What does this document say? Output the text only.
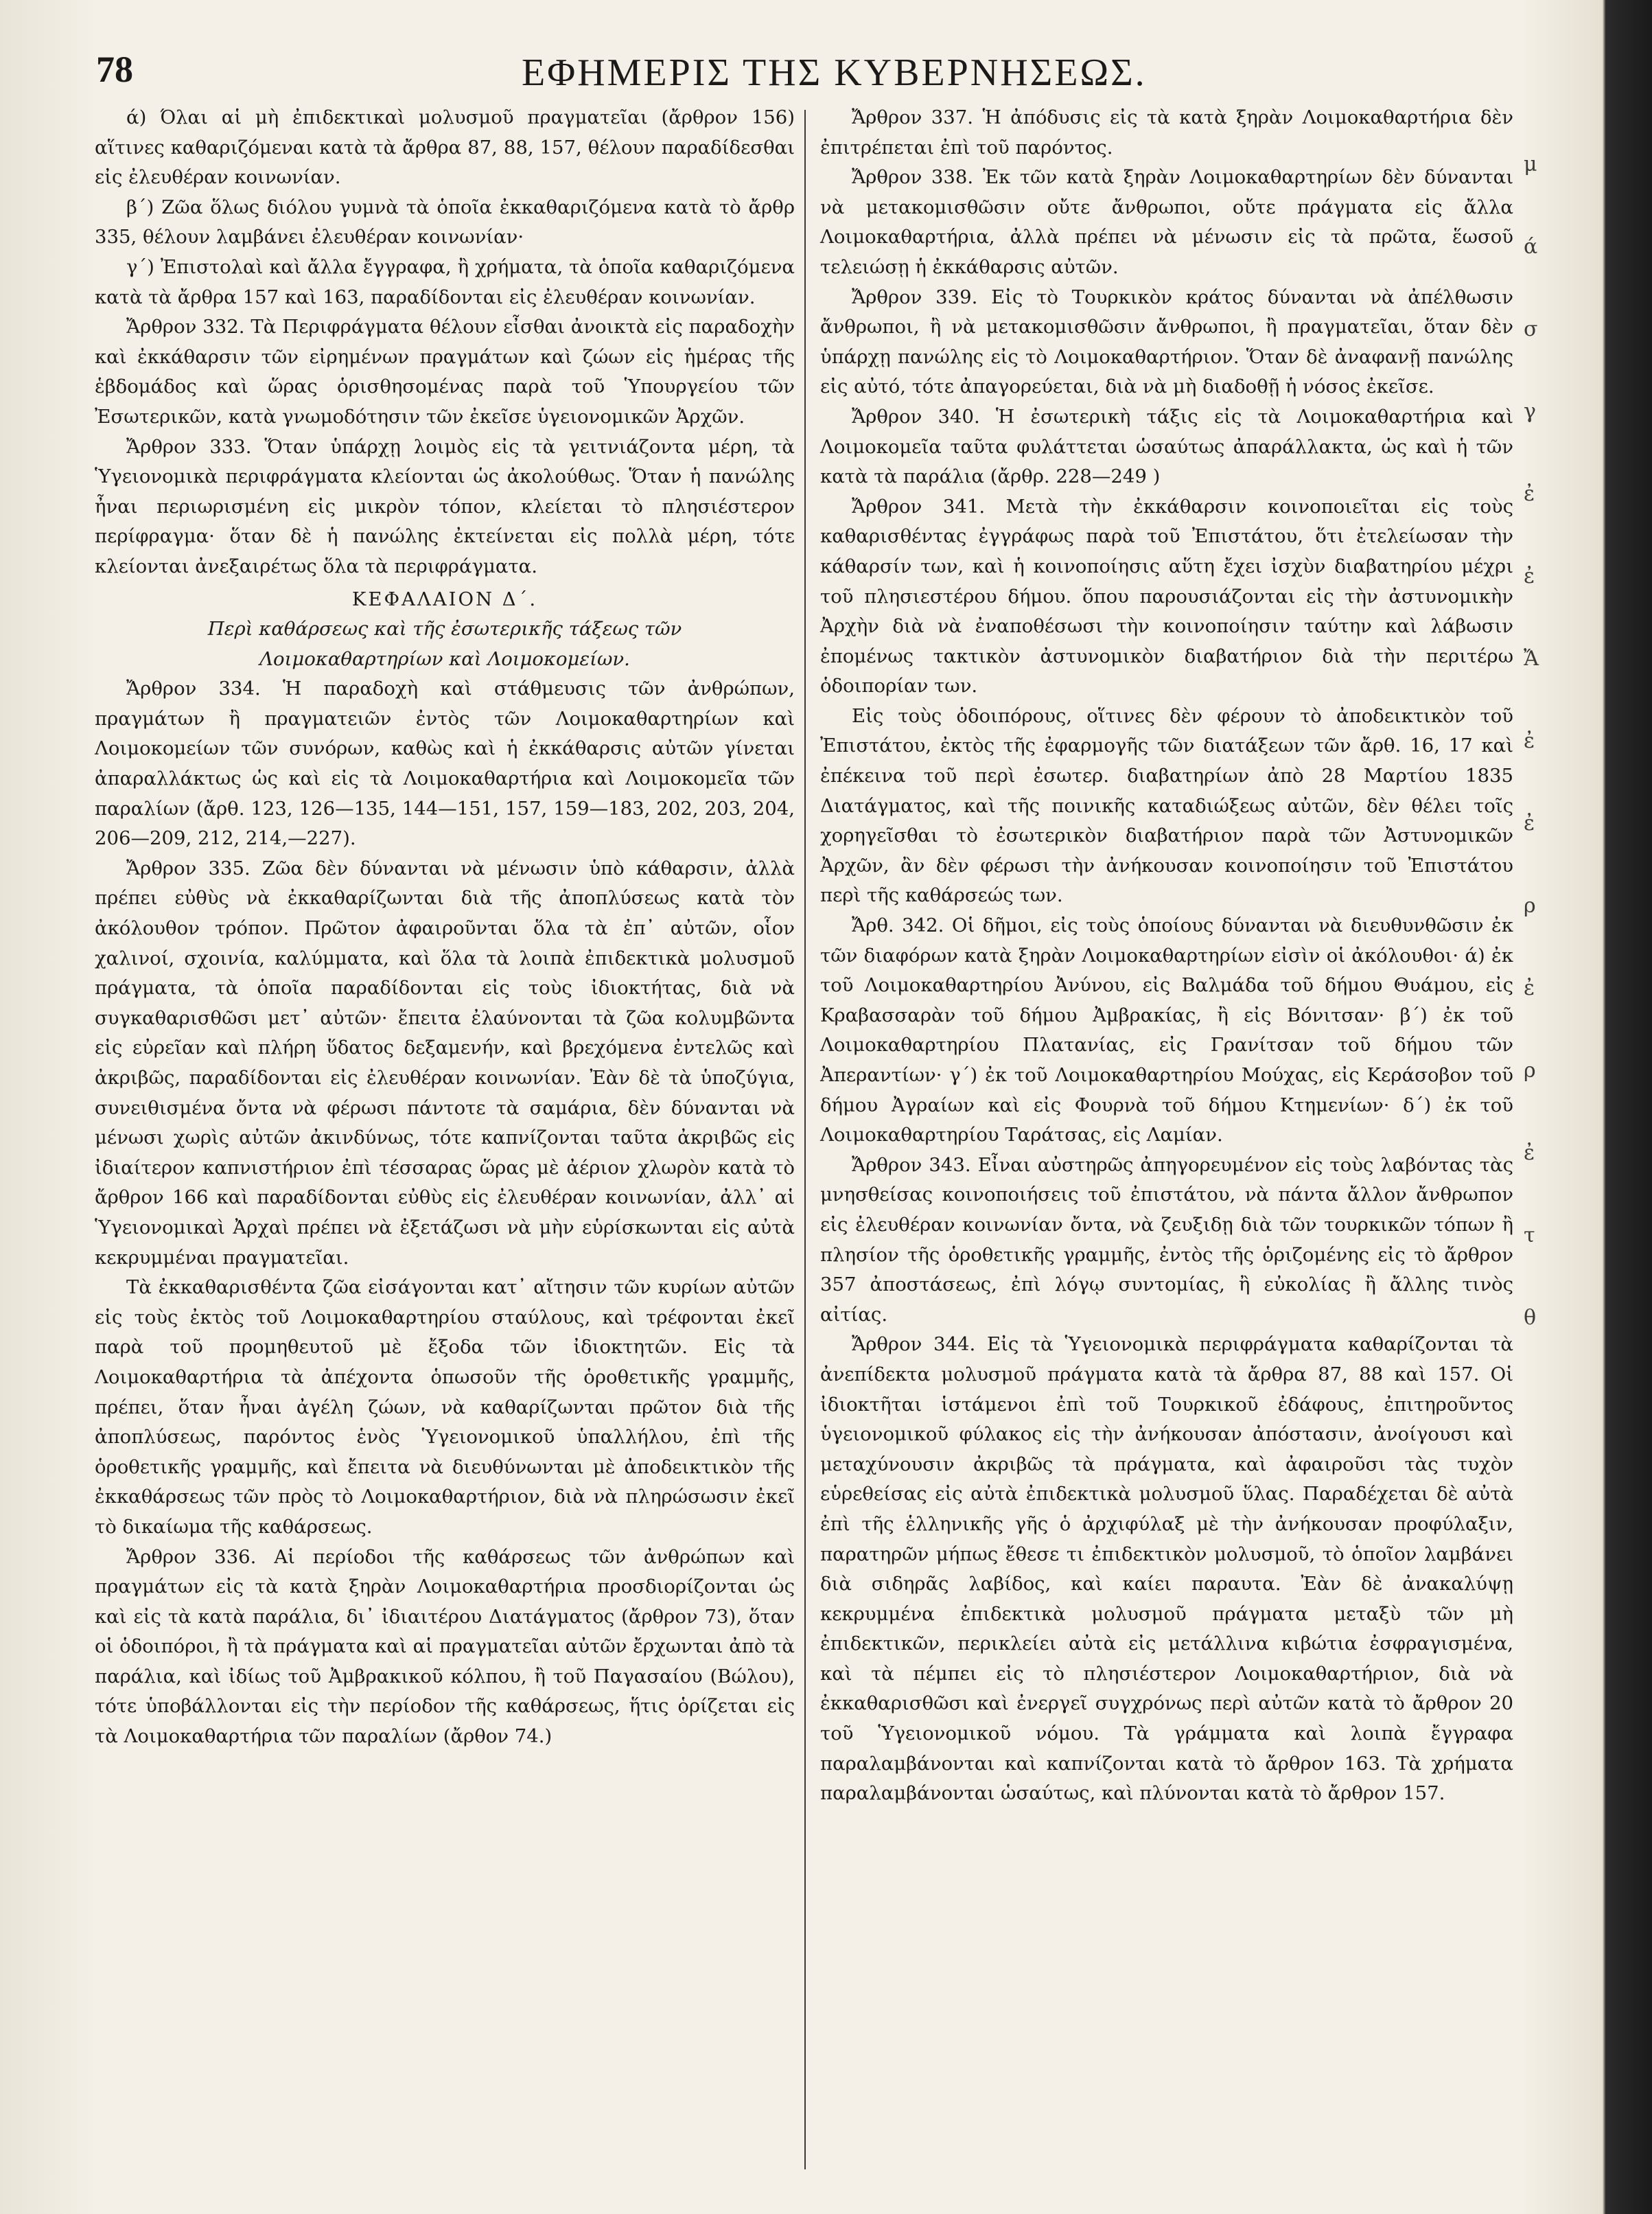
78	ΕΦΗΜΕΡΙΣ ΤΗΣ ΚΥΒΕΡΝΗΣΕΩΣ.

ά) Όλαι αἱ μὴ ἐπιδεκτικαὶ μολυσμοῦ πραγματεῖαι (ἄρθρον 156) αἵτινες καθαριζόμεναι κατὰ τὰ ἄρθρα 87, 88, 157, θέλουν παραδίδεσθαι εἰς ἐλευθέραν κοινωνίαν.

β΄) Ζῶα ὅλως διόλου γυμνὰ τὰ ὁποῖα ἐκκαθαριζόμενα κατὰ τὸ ἄρθρ 335, θέλουν λαμβάνει ἐλευθέραν κοινωνίαν·

γ΄) Ἐπιστολαὶ καὶ ἄλλα ἔγγραφα, ἢ χρήματα, τὰ ὁποῖα καθαριζόμενα κατὰ τὰ ἄρθρα 157 καὶ 163, παραδίδονται εἰς ἐλευθέραν κοινωνίαν.

Ἄρθρον 332. Τὰ Περιφράγματα θέλουν εἶσθαι ἀνοικτὰ εἰς παραδοχὴν καὶ ἐκκάθαρσιν τῶν εἰρημένων πραγμάτων καὶ ζώων εἰς ἡμέρας τῆς ἑβδομάδος καὶ ὥρας ὁρισθησομένας παρὰ τοῦ Ὑπουργείου τῶν Ἐσωτερικῶν, κατὰ γνωμοδότησιν τῶν ἐκεῖσε ὑγειονομικῶν Ἀρχῶν.

Ἄρθρον 333. Ὅταν ὑπάρχῃ λοιμὸς εἰς τὰ γειτνιάζοντα μέρη, τὰ Ὑγειονομικὰ περιφράγματα κλείονται ὡς ἀκολούθως. Ὅταν ἡ πανώλης ἦναι περιωρισμένη εἰς μικρὸν τόπον, κλείεται τὸ πλησιέστερον περίφραγμα· ὅταν δὲ ἡ πανώλης ἐκτείνεται εἰς πολλὰ μέρη, τότε κλείονται ἀνεξαιρέτως ὅλα τὰ περιφράγματα.

ΚΕΦΑΛΑΙΟΝ Δ΄.

Περὶ καθάρσεως καὶ τῆς ἐσωτερικῆς τάξεως τῶν Λοιμοκαθαρτηρίων καὶ Λοιμοκομείων.

Ἄρθρον 334. Ἡ παραδοχὴ καὶ στάθμευσις τῶν ἀνθρώπων, πραγμάτων ἢ πραγματειῶν ἐντὸς τῶν Λοιμοκαθαρτηρίων καὶ Λοιμοκομείων τῶν συνόρων, καθὼς καὶ ἡ ἐκκάθαρσις αὐτῶν γίνεται ἀπαραλλάκτως ὡς καὶ εἰς τὰ Λοιμοκαθαρτήρια καὶ Λοιμοκομεῖα τῶν παραλίων (ἄρθ. 123, 126—135, 144—151, 157, 159—183, 202, 203, 204, 206—209, 212, 214,—227).

Ἄρθρον 335. Ζῶα δὲν δύνανται νὰ μένωσιν ὑπὸ κάθαρσιν, ἀλλὰ πρέπει εὐθὺς νὰ ἐκκαθαρίζωνται διὰ τῆς ἀποπλύσεως κατὰ τὸν ἀκόλουθον τρόπον. Πρῶτον ἀφαιροῦνται ὅλα τὰ ἐπ᾽ αὐτῶν, οἷον χαλινοί, σχοινία, καλύμματα, καὶ ὅλα τὰ λοιπὰ ἐπιδεκτικὰ μολυσμοῦ πράγματα, τὰ ὁποῖα παραδίδονται εἰς τοὺς ἰδιοκτήτας, διὰ νὰ συγκαθαρισθῶσι μετ᾽ αὐτῶν· ἔπειτα ἐλαύνονται τὰ ζῶα κολυμβῶντα εἰς εὐρεῖαν καὶ πλήρη ὕδατος δεξαμενήν, καὶ βρεχόμενα ἐντελῶς καὶ ἀκριβῶς, παραδίδονται εἰς ἐλευθέραν κοινωνίαν. Ἐὰν δὲ τὰ ὑποζύγια, συνειθισμένα ὄντα νὰ φέρωσι πάντοτε τὰ σαμάρια, δὲν δύνανται νὰ μένωσι χωρὶς αὐτῶν ἀκινδύνως, τότε καπνίζονται ταῦτα ἀκριβῶς εἰς ἰδιαίτερον καπνιστήριον ἐπὶ τέσσαρας ὥρας μὲ ἀέριον χλωρὸν κατὰ τὸ ἄρθρον 166 καὶ παραδίδονται εὐθὺς εἰς ἐλευθέραν κοινωνίαν, ἀλλ᾽ αἱ Ὑγειονομικαὶ Ἀρχαὶ πρέπει νὰ ἐξετάζωσι νὰ μὴν εὑρίσκωνται εἰς αὐτὰ κεκρυμμέναι πραγματεῖαι.

Τὰ ἐκκαθαρισθέντα ζῶα εἰσάγονται κατ᾽ αἴτησιν τῶν κυρίων αὐτῶν εἰς τοὺς ἐκτὸς τοῦ Λοιμοκαθαρτηρίου σταύλους, καὶ τρέφονται ἐκεῖ παρὰ τοῦ προμηθευτοῦ μὲ ἔξοδα τῶν ἰδιοκτητῶν. Εἰς τὰ Λοιμοκαθαρτήρια τὰ ἀπέχοντα ὁπωσοῦν τῆς ὁροθετικῆς γραμμῆς, πρέπει, ὅταν ἦναι ἀγέλη ζώων, νὰ καθαρίζωνται πρῶτον διὰ τῆς ἀποπλύσεως, παρόντος ἑνὸς Ὑγειονομικοῦ ὑπαλλήλου, ἐπὶ τῆς ὁροθετικῆς γραμμῆς, καὶ ἔπειτα νὰ διευθύνωνται μὲ ἀποδεικτικὸν τῆς ἐκκαθάρσεως τῶν πρὸς τὸ Λοιμοκαθαρτήριον, διὰ νὰ πληρώσωσιν ἐκεῖ τὸ δικαίωμα τῆς καθάρσεως.

Ἄρθρον 336. Αἱ περίοδοι τῆς καθάρσεως τῶν ἀνθρώπων καὶ πραγμάτων εἰς τὰ κατὰ ξηρὰν Λοιμοκαθαρτήρια προσδιορίζονται ὡς καὶ εἰς τὰ κατὰ παράλια, δι᾽ ἰδιαιτέρου Διατάγματος (ἄρθρον 73), ὅταν οἱ ὁδοιπόροι, ἢ τὰ πράγματα καὶ αἱ πραγματεῖαι αὐτῶν ἔρχωνται ἀπὸ τὰ παράλια, καὶ ἰδίως τοῦ Ἀμβρακικοῦ κόλπου, ἢ τοῦ Παγασαίου (Βώλου), τότε ὑποβάλλονται εἰς τὴν περίοδον τῆς καθάρσεως, ἥτις ὁρίζεται εἰς τὰ Λοιμοκαθαρτήρια τῶν παραλίων (ἄρθον 74.)

Ἄρθρον 337. Ἡ ἀπόδυσις εἰς τὰ κατὰ ξηρὰν Λοιμοκαθαρτήρια δὲν ἐπιτρέπεται ἐπὶ τοῦ παρόντος.

Ἄρθρον 338. Ἐκ τῶν κατὰ ξηρὰν Λοιμοκαθαρτηρίων δὲν δύνανται νὰ μετακομισθῶσιν οὔτε ἄνθρωποι, οὔτε πράγματα εἰς ἄλλα Λοιμοκαθαρτήρια, ἀλλὰ πρέπει νὰ μένωσιν εἰς τὰ πρῶτα, ἕωσοῦ τελειώσῃ ἡ ἐκκάθαρσις αὐτῶν.

Ἄρθρον 339. Εἰς τὸ Τουρκικὸν κράτος δύνανται νὰ ἀπέλθωσιν ἄνθρωποι, ἢ νὰ μετακομισθῶσιν ἄνθρωποι, ἢ πραγματεῖαι, ὅταν δὲν ὑπάρχῃ πανώλης εἰς τὸ Λοιμοκαθαρτήριον. Ὅταν δὲ ἀναφανῇ πανώλης εἰς αὐτό, τότε ἀπαγορεύεται, διὰ νὰ μὴ διαδοθῇ ἡ νόσος ἐκεῖσε.

Ἄρθρον 340. Ἡ ἐσωτερικὴ τάξις εἰς τὰ Λοιμοκαθαρτήρια καὶ Λοιμοκομεῖα ταῦτα φυλάττεται ὡσαύτως ἀπαράλλακτα, ὡς καὶ ἡ τῶν κατὰ τὰ παράλια (ἄρθρ. 228—249 )

Ἄρθρον 341. Μετὰ τὴν ἐκκάθαρσιν κοινοποιεῖται εἰς τοὺς καθαρισθέντας ἐγγράφως παρὰ τοῦ Ἐπιστάτου, ὅτι ἐτελείωσαν τὴν κάθαρσίν των, καὶ ἡ κοινοποίησις αὕτη ἔχει ἰσχὺν διαβατηρίου μέχρι τοῦ πλησιεστέρου δήμου. ὅπου παρουσιάζονται εἰς τὴν ἀστυνομικὴν Ἀρχὴν διὰ νὰ ἐναποθέσωσι τὴν κοινοποίησιν ταύτην καὶ λάβωσιν ἐπομένως τακτικὸν ἀστυνομικὸν διαβατήριον διὰ τὴν περιτέρω ὁδοιπορίαν των.

Εἰς τοὺς ὁδοιπόρους, οἵτινες δὲν φέρουν τὸ ἀποδεικτικὸν τοῦ Ἐπιστάτου, ἐκτὸς τῆς ἐφαρμογῆς τῶν διατάξεων τῶν ἄρθ. 16, 17 καὶ ἐπέκεινα τοῦ περὶ ἐσωτερ. διαβατηρίων ἀπὸ 28 Μαρτίου 1835 Διατάγματος, καὶ τῆς ποινικῆς καταδιώξεως αὐτῶν, δὲν θέλει τοῖς χορηγεῖσθαι τὸ ἐσωτερικὸν διαβατήριον παρὰ τῶν Ἀστυνομικῶν Ἀρχῶν, ἂν δὲν φέρωσι τὴν ἀνήκουσαν κοινοποίησιν τοῦ Ἐπιστάτου περὶ τῆς καθάρσεώς των.

Ἄρθ. 342. Οἱ δῆμοι, εἰς τοὺς ὁποίους δύνανται νὰ διευθυνθῶσιν ἐκ τῶν διαφόρων κατὰ ξηρὰν Λοιμοκαθαρτηρίων εἰσὶν οἱ ἀκόλουθοι· ά) ἐκ τοῦ Λοιμοκαθαρτηρίου Ἀνύνου, εἰς Βαλμάδα τοῦ δήμου Θυάμου, εἰς Κραβασσαρὰν τοῦ δήμου Ἀμβρακίας, ἢ εἰς Βόνιτσαν· β΄) ἐκ τοῦ Λοιμοκαθαρτηρίου Πλατανίας, εἰς Γρανίτσαν τοῦ δήμου τῶν Ἀπεραντίων· γ΄) ἐκ τοῦ Λοιμοκαθαρτηρίου Μούχας, εἰς Κεράσοβον τοῦ δήμου Ἀγραίων καὶ εἰς Φουρνὰ τοῦ δήμου Κτημενίων· δ΄) ἐκ τοῦ Λοιμοκαθαρτηρίου Ταράτσας, εἰς Λαμίαν.

Ἄρθρον 343. Εἶναι αὐστηρῶς ἀπηγορευμένον εἰς τοὺς λαβόντας τὰς μνησθείσας κοινοποιήσεις τοῦ ἐπιστάτου, νὰ πάντα ἄλλον ἄνθρωπον εἰς ἐλευθέραν κοινωνίαν ὄντα, νὰ ζευξιδῃ διὰ τῶν τουρκικῶν τόπων ἢ πλησίον τῆς ὁροθετικῆς γραμμῆς, ἐντὸς τῆς ὁριζομένης εἰς τὸ ἄρθρον 357 ἀποστάσεως, ἐπὶ λόγῳ συντομίας, ἢ εὐκολίας ἢ ἄλλης τινὸς αἰτίας.

Ἄρθρον 344. Εἰς τὰ Ὑγειονομικὰ περιφράγματα καθαρίζονται τὰ ἀνεπίδεκτα μολυσμοῦ πράγματα κατὰ τὰ ἄρθρα 87, 88 καὶ 157. Οἱ ἰδιοκτῆται ἱστάμενοι ἐπὶ τοῦ Τουρκικοῦ ἐδάφους, ἐπιτηροῦντος ὑγειονομικοῦ φύλακος εἰς τὴν ἀνήκουσαν ἀπόστασιν, ἀνοίγουσι καὶ μεταχύνουσιν ἀκριβῶς τὰ πράγματα, καὶ ἀφαιροῦσι τὰς τυχὸν εὑρεθείσας εἰς αὐτὰ ἐπιδεκτικὰ μολυσμοῦ ὕλας. Παραδέχεται δὲ αὐτὰ ἐπὶ τῆς ἑλληνικῆς γῆς ὁ ἀρχιφύλαξ μὲ τὴν ἀνήκουσαν προφύλαξιν, παρατηρῶν μήπως ἔθεσε τι ἐπιδεκτικὸν μολυσμοῦ, τὸ ὁποῖον λαμβάνει διὰ σιδηρᾶς λαβίδος, καὶ καίει παραυτα. Ἐὰν δὲ ἀνακαλύψῃ κεκρυμμένα ἐπιδεκτικὰ μολυσμοῦ πράγματα μεταξὺ τῶν μὴ ἐπιδεκτικῶν, περικλείει αὐτὰ εἰς μετάλλινα κιβώτια ἐσφραγισμένα, καὶ τὰ πέμπει εἰς τὸ πλησιέστερον Λοιμοκαθαρτήριον, διὰ νὰ ἐκκαθαρισθῶσι καὶ ἐνεργεῖ συγχρόνως περὶ αὐτῶν κατὰ τὸ ἄρθρον 20 τοῦ Ὑγειονομικοῦ νόμου. Τὰ γράμματα καὶ λοιπὰ ἔγγραφα παραλαμβάνονται καὶ καπνίζονται κατὰ τὸ ἄρθρον 163. Τὰ χρήματα παραλαμβάνονται ὡσαύτως, καὶ πλύνονται κατὰ τὸ ἄρθρον 157.

μ
ά
σ
γ
ἐ
ἐ
Ἄ
ἐ
ἐ
ρ
ἐ
ρ
ἐ
τ
θ
